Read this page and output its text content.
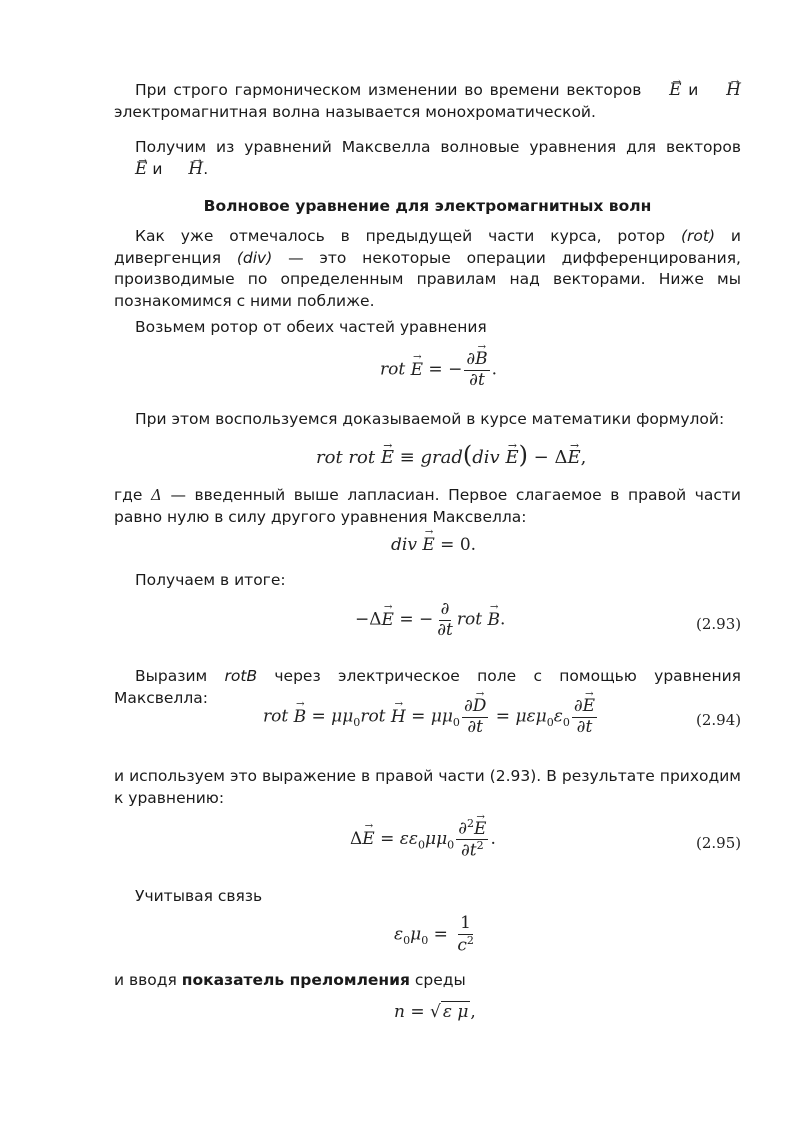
При строго гармоническом изменении во времени векторов → E и → H электромагнитная волна называется монохроматической.
Получим из уравнений Максвелла волновые уравнения для векторов → E и → H.
Волновое уравнение для электромагнитных волн
Как уже отмечалось в предыдущей части курса, ротор (rot) и дивергенция (div) — это некоторые операции дифференцирования, производимые по определенным правилам над векторами. Ниже мы познакомимся с ними поближе.
Возьмем ротор от обеих частей уравнения
rot → E = − $\frac{\partial\to B}{\partial t}$ .
При этом воспользуемся доказываемой в курсе математики формулой:
rot rot → E ≡ grad(div → E) − Δ→ E,
где Δ — введенный выше лапласиан. Первое слагаемое в правой части равно нулю в силу другого уравнения Максвелла:
div → E = 0.
Получаем в итоге:
−Δ→ E = − $\frac{\partial}{\partial t}$ rot → B.	(2.93)
Выразим rotB через электрическое поле с помощью уравнения Максвелла:
rot → $B = \mu\mu_0rot \to H = \mu\mu_0 \frac{\partial\to D}{\partial t} = \mu\varepsilon\mu_0\varepsilon_0 \frac{\partial\to E}{\partial t}$	(2.94)
и используем это выражение в правой части (2.93). В результате приходим к уравнению:
$\Delta\to E = \varepsilon\varepsilon_0\mu\mu_0 \frac{\partial^2\to E}{\partial t^2}$ .	(2.95)
Учитывая связь
$\varepsilon_0\mu_0 = \frac{1}{c^2}$
и вводя показатель преломления среды
n = √ ε μ ,
